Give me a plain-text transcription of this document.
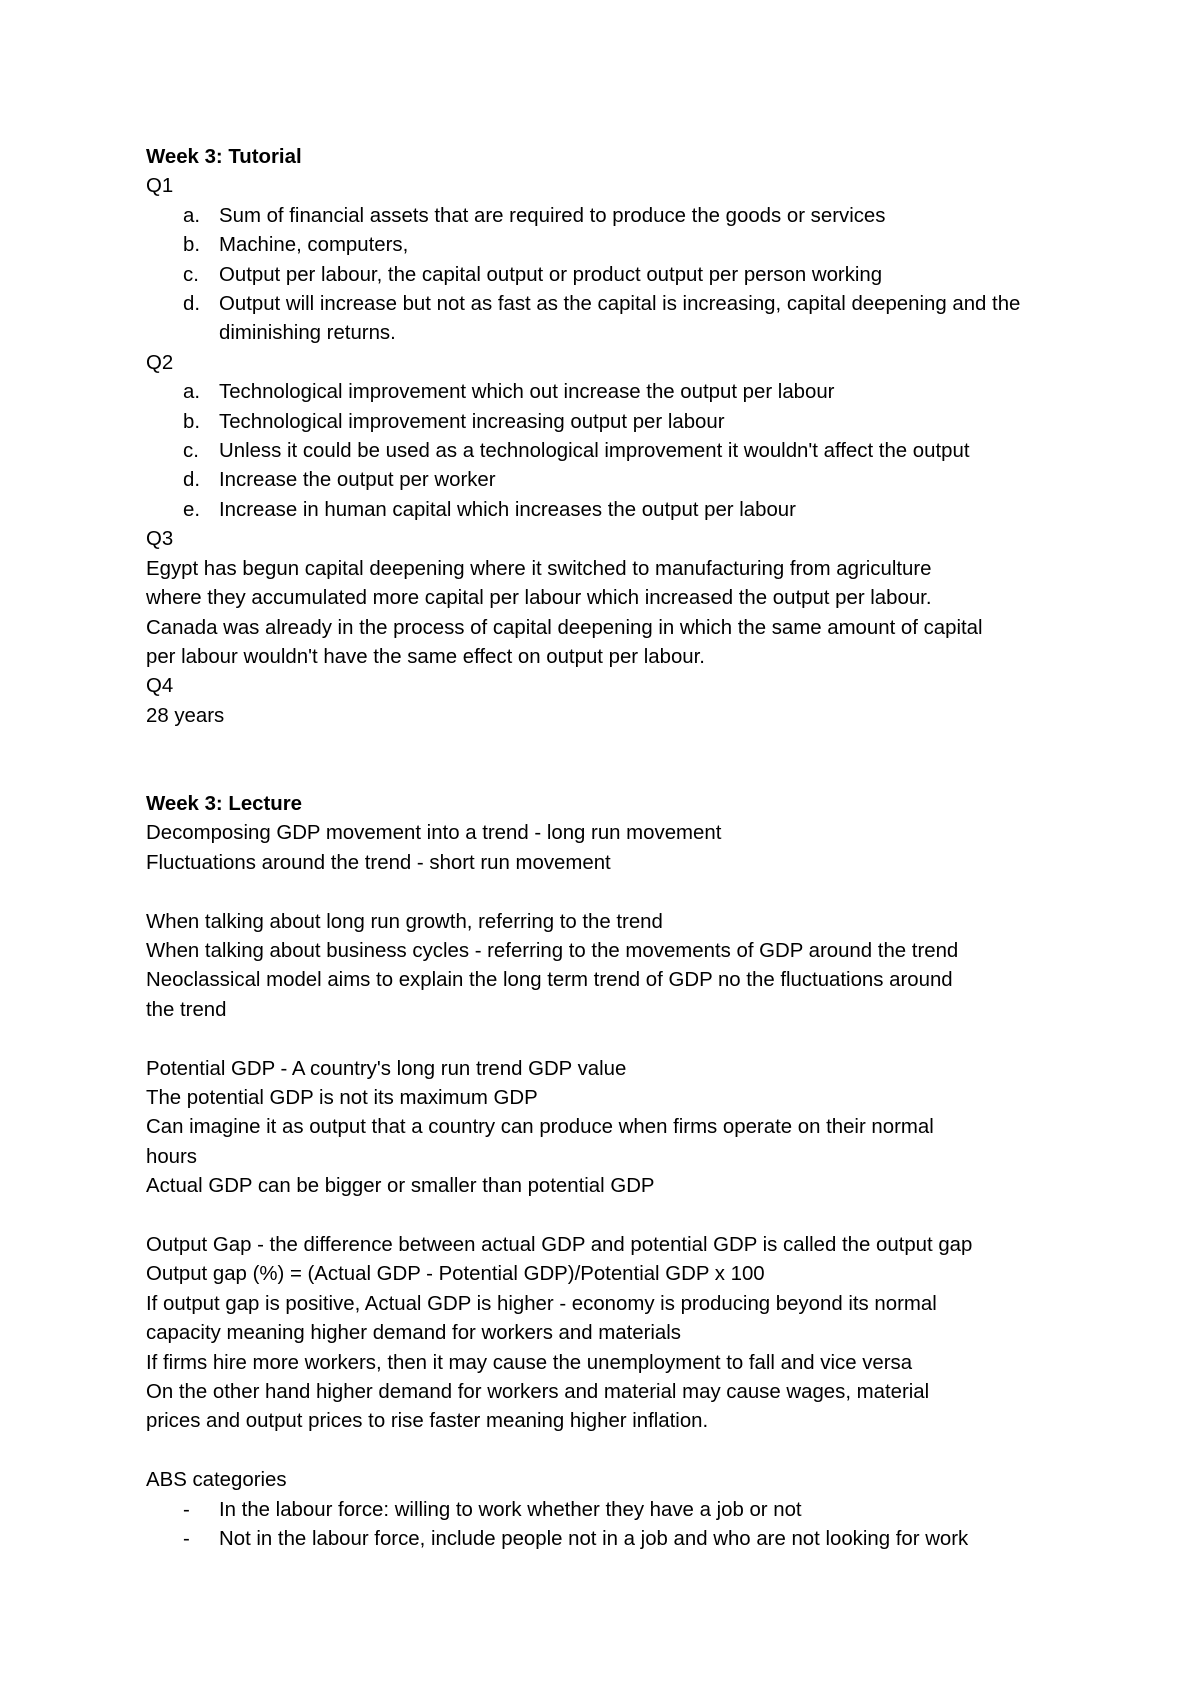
Week 3: Tutorial
Q1
a. Sum of financial assets that are required to produce the goods or services
b. Machine, computers,
c. Output per labour, the capital output or product output per person working
d. Output will increase but not as fast as the capital is increasing, capital deepening and the diminishing returns.
Q2
a. Technological improvement which out increase the output per labour
b. Technological improvement increasing output per labour
c. Unless it could be used as a technological improvement it wouldn't affect the output
d. Increase the output per worker
e. Increase in human capital which increases the output per labour
Q3
Egypt has begun capital deepening where it switched to manufacturing from agriculture
where they accumulated more capital per labour which increased the output per labour.
Canada was already in the process of capital deepening in which the same amount of capital
per labour wouldn't have the same effect on output per labour.
Q4
28 years
Week 3: Lecture
Decomposing GDP movement into a trend - long run movement
Fluctuations around the trend - short run movement
When talking about long run growth, referring to the trend
When talking about business cycles - referring to the movements of GDP around the trend
Neoclassical model aims to explain the long term trend of GDP no the fluctuations around
the trend
Potential GDP - A country's long run trend GDP value
The potential GDP is not its maximum GDP
Can imagine it as output that a country can produce when firms operate on their normal
hours
Actual GDP can be bigger or smaller than potential GDP
Output Gap - the difference between actual GDP and potential GDP is called the output gap
Output gap (%) = (Actual GDP - Potential GDP)/Potential GDP x 100
If output gap is positive, Actual GDP is higher - economy is producing beyond its normal
capacity meaning higher demand for workers and materials
If firms hire more workers, then it may cause the unemployment to fall and vice versa
On the other hand higher demand for workers and material may cause wages, material
prices and output prices to rise faster meaning higher inflation.
ABS categories
- In the labour force: willing to work whether they have a job or not
- Not in the labour force, include people not in a job and who are not looking for work
